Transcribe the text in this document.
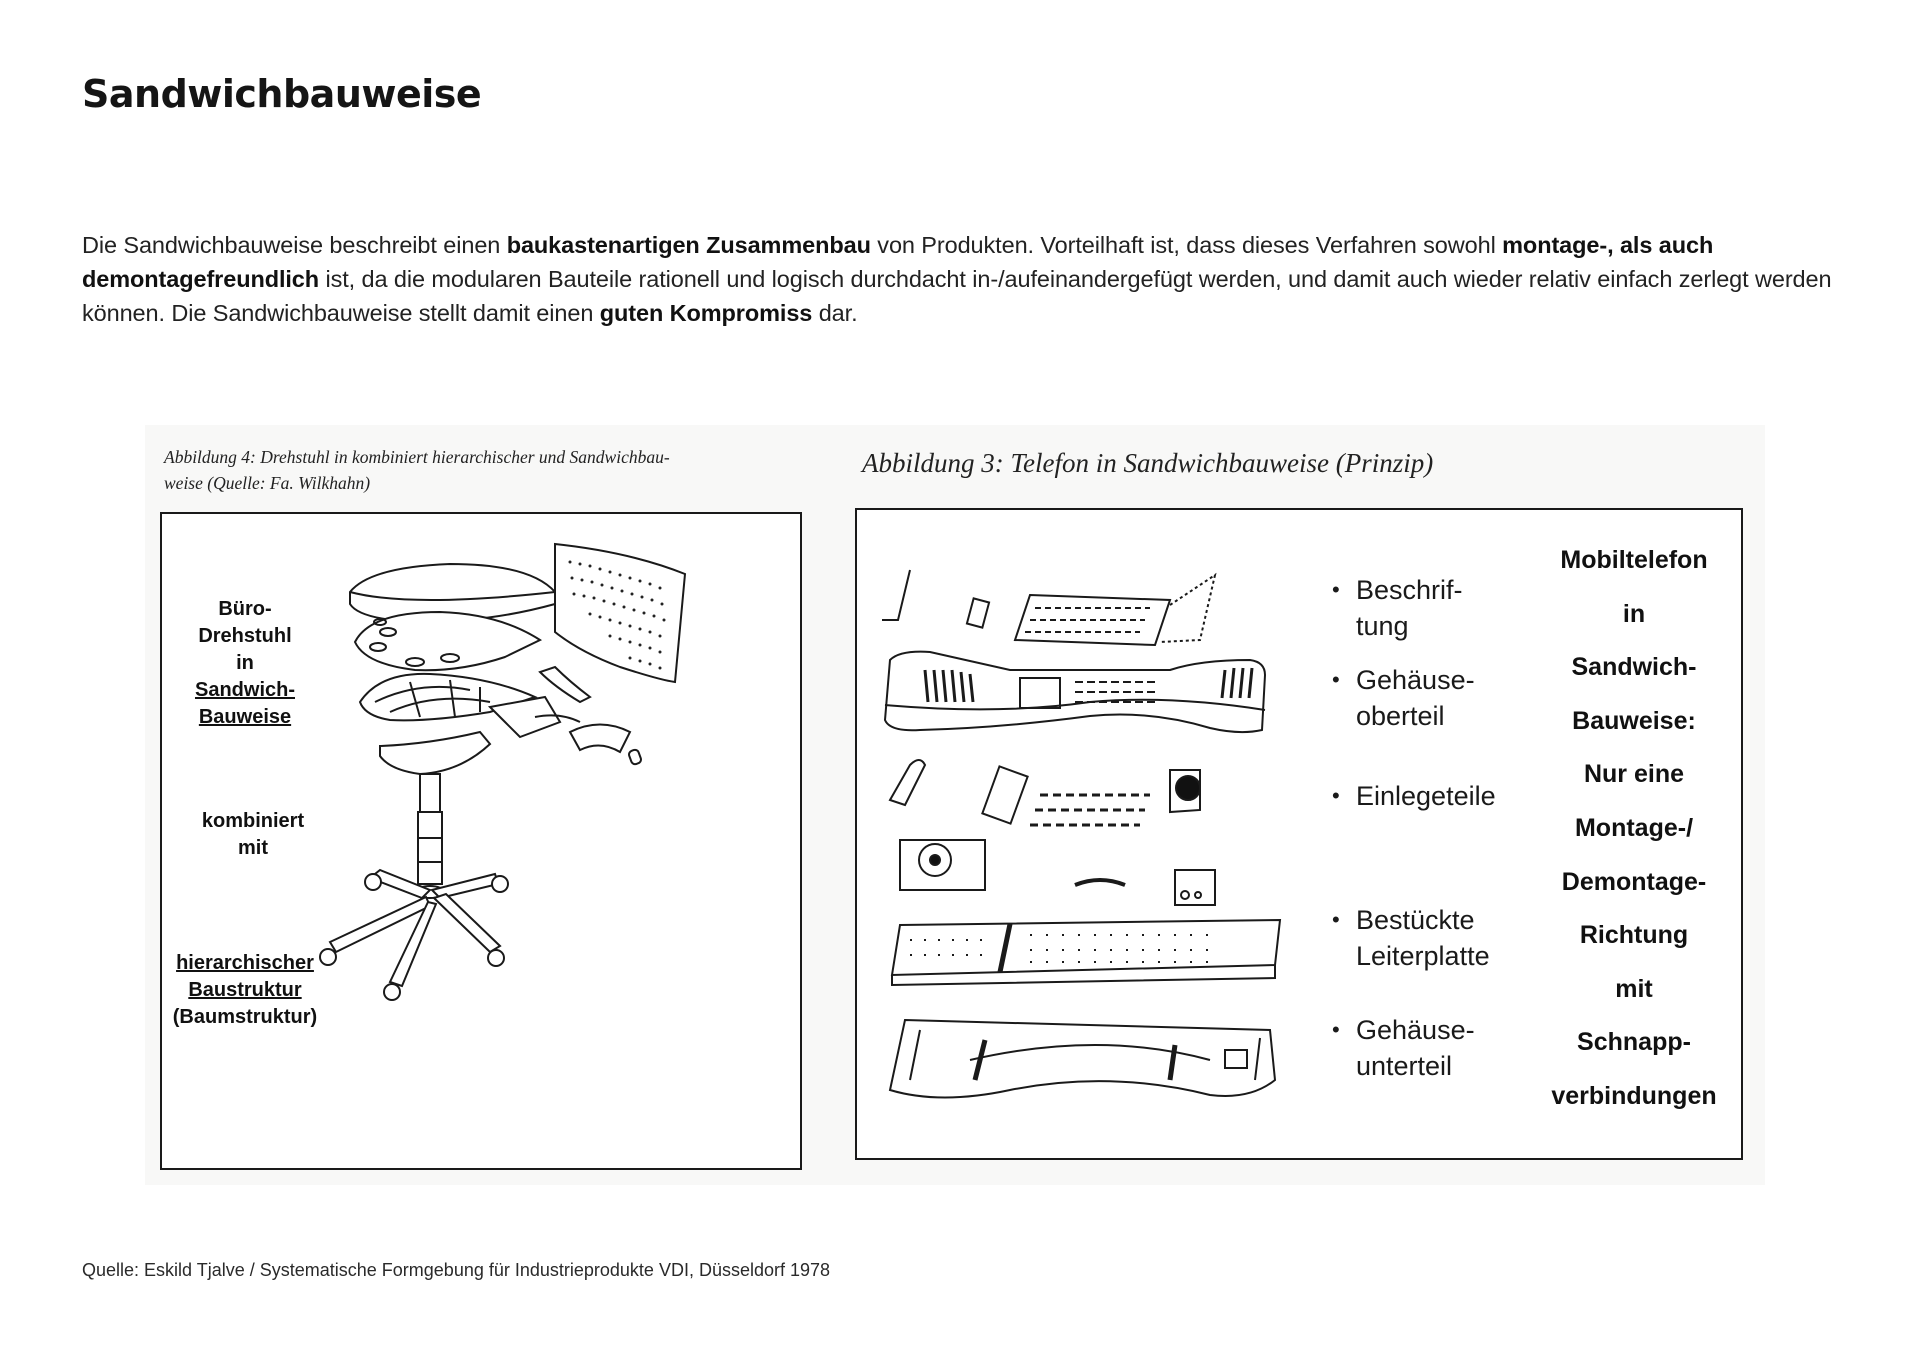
Sandwichbauweise

Die Sandwichbauweise beschreibt einen baukastenartigen Zusammenbau von Produkten. Vorteilhaft ist, dass dieses Verfahren sowohl montage-, als auch demontagefreundlich ist, da die modularen Bauteile rationell und logisch durchdacht in-/aufeinandergefügt werden, und damit auch wieder relativ einfach zerlegt werden können. Die Sandwichbauweise stellt damit einen guten Kompromiss dar.

Abbildung 4: Drehstuhl in kombiniert hierarchischer und Sandwichbau-
weise (Quelle: Fa. Wilkhahn)
Büro-
Drehstuhl
in
Sandwich-
Bauweise
kombiniert
mit
hierarchischer
Baustruktur
(Baumstruktur)
Abbildung 3: Telefon in Sandwichbauweise (Prinzip)
• Beschrif-
tung
• Gehäuse-
oberteil
• Einlegeteile
• Bestückte
Leiterplatte
• Gehäuse-
unterteil
Mobiltelefon
in
Sandwich-
Bauweise:
Nur eine
Montage-/
Demontage-
Richtung
mit
Schnapp-
verbindungen
Quelle: Eskild Tjalve / Systematische Formgebung für Industrieprodukte VDI, Düsseldorf 1978
